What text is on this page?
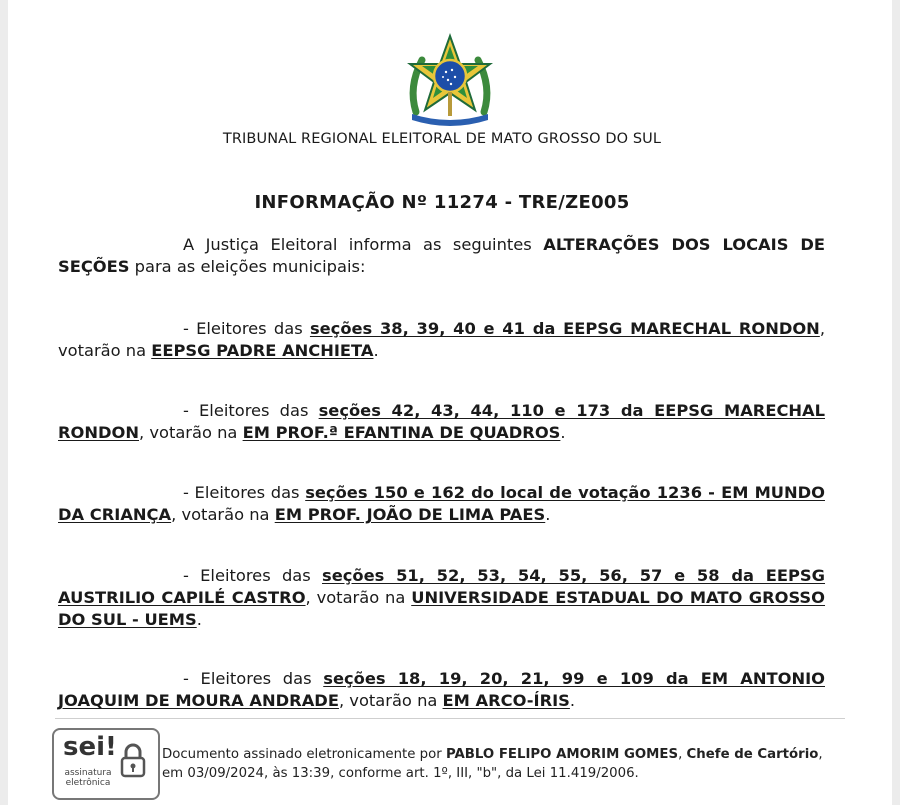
TRIBUNAL REGIONAL ELEITORAL DE MATO GROSSO DO SUL
INFORMAÇÃO Nº 11274 - TRE/ZE005
A Justiça Eleitoral informa as seguintes ALTERAÇÕES DOS LOCAIS DE SEÇÕES para as eleições municipais:
- Eleitores das seções 38, 39, 40 e 41 da EEPSG MARECHAL RONDON, votarão na EEPSG PADRE ANCHIETA.
- Eleitores das seções 42, 43, 44, 110 e 173 da EEPSG MARECHAL RONDON, votarão na EM PROF.ª EFANTINA DE QUADROS.
- Eleitores das seções 150 e 162 do local de votação 1236 - EM MUNDO DA CRIANÇA, votarão na EM PROF. JOÃO DE LIMA PAES.
- Eleitores das seções 51, 52, 53, 54, 55, 56, 57 e 58 da EEPSG AUSTRILIO CAPILÉ CASTRO, votarão na UNIVERSIDADE ESTADUAL DO MATO GROSSO DO SUL - UEMS.
- Eleitores das seções 18, 19, 20, 21, 99 e 109 da EM ANTONIO JOAQUIM DE MOURA ANDRADE, votarão na EM ARCO-ÍRIS.
sei!
assinatura
eletrônica
Documento assinado eletronicamente por PABLO FELIPO AMORIM GOMES, Chefe de Cartório, em 03/09/2024, às 13:39, conforme art. 1º, III, "b", da Lei 11.419/2006.
